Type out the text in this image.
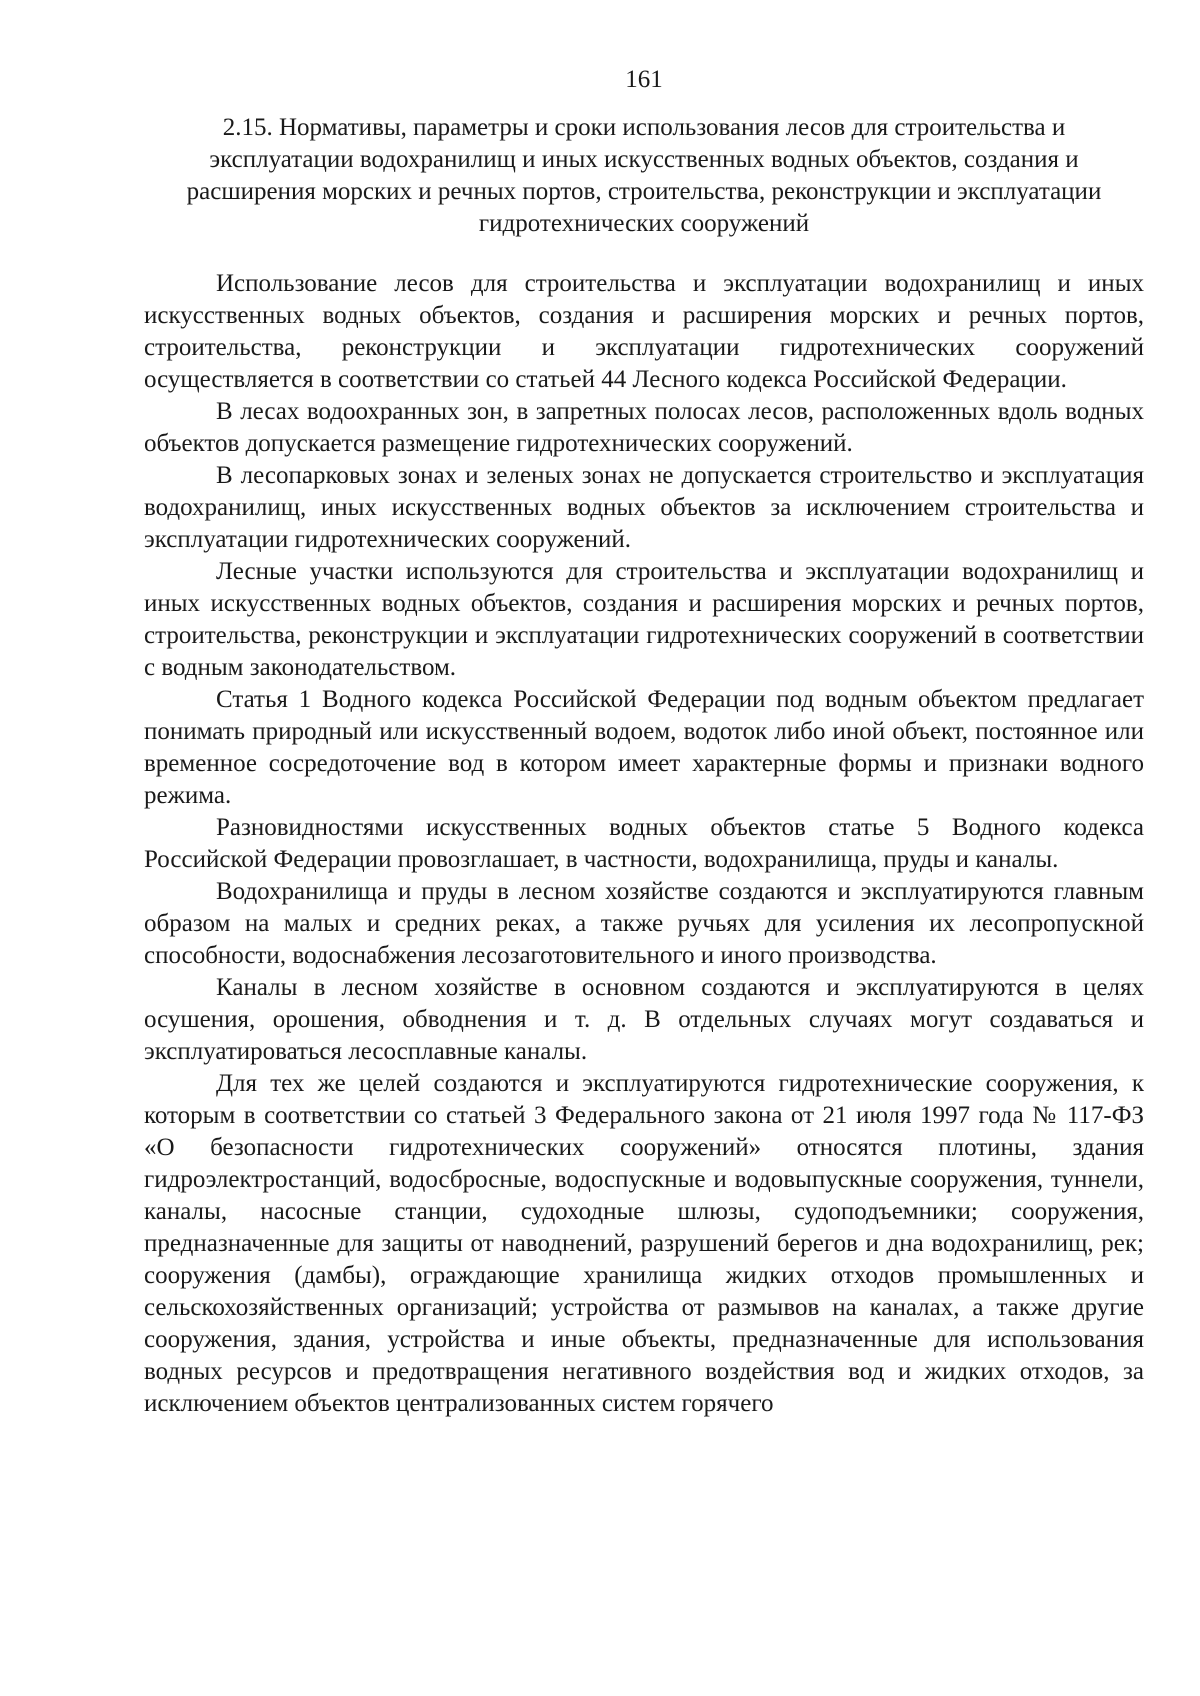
161
2.15. Нормативы, параметры и сроки использования лесов для строительства и эксплуатации водохранилищ и иных искусственных водных объектов, создания и расширения морских и речных портов, строительства, реконструкции и эксплуатации гидротехнических сооружений

Использование лесов для строительства и эксплуатации водохранилищ и иных искусственных водных объектов, создания и расширения морских и речных портов, строительства, реконструкции и эксплуатации гидротехнических сооружений осуществляется в соответствии со статьей 44 Лесного кодекса Российской Федерации.

В лесах водоохранных зон, в запретных полосах лесов, расположенных вдоль водных объектов допускается размещение гидротехнических сооружений.

В лесопарковых зонах и зеленых зонах не допускается строительство и эксплуатация водохранилищ, иных искусственных водных объектов за исключением строительства и эксплуатации гидротехнических сооружений.

Лесные участки используются для строительства и эксплуатации водохранилищ и иных искусственных водных объектов, создания и расширения морских и речных портов, строительства, реконструкции и эксплуатации гидротехнических сооружений в соответствии с водным законодательством.

Статья 1 Водного кодекса Российской Федерации под водным объектом предлагает понимать природный или искусственный водоем, водоток либо иной объект, постоянное или временное сосредоточение вод в котором имеет характерные формы и признаки водного режима.

Разновидностями искусственных водных объектов статье 5 Водного кодекса Российской Федерации провозглашает, в частности, водохранилища, пруды и каналы.

Водохранилища и пруды в лесном хозяйстве создаются и эксплуатируются главным образом на малых и средних реках, а также ручьях для усиления их лесопропускной способности, водоснабжения лесозаготовительного и иного производства.

Каналы в лесном хозяйстве в основном создаются и эксплуатируются в целях осушения, орошения, обводнения и т. д. В отдельных случаях могут создаваться и эксплуатироваться лесосплавные каналы.

Для тех же целей создаются и эксплуатируются гидротехнические сооружения, к которым в соответствии со статьей 3 Федерального закона от 21 июля 1997 года № 117-ФЗ «О безопасности гидротехнических сооружений» относятся плотины, здания гидроэлектростанций, водосбросные, водоспускные и водовыпускные сооружения, туннели, каналы, насосные станции, судоходные шлюзы, судоподъемники; сооружения, предназначенные для защиты от наводнений, разрушений берегов и дна водохранилищ, рек; сооружения (дамбы), ограждающие хранилища жидких отходов промышленных и сельскохозяйственных организаций; устройства от размывов на каналах, а также другие сооружения, здания, устройства и иные объекты, предназначенные для использования водных ресурсов и предотвращения негативного воздействия вод и жидких отходов, за исключением объектов централизованных систем горячего
